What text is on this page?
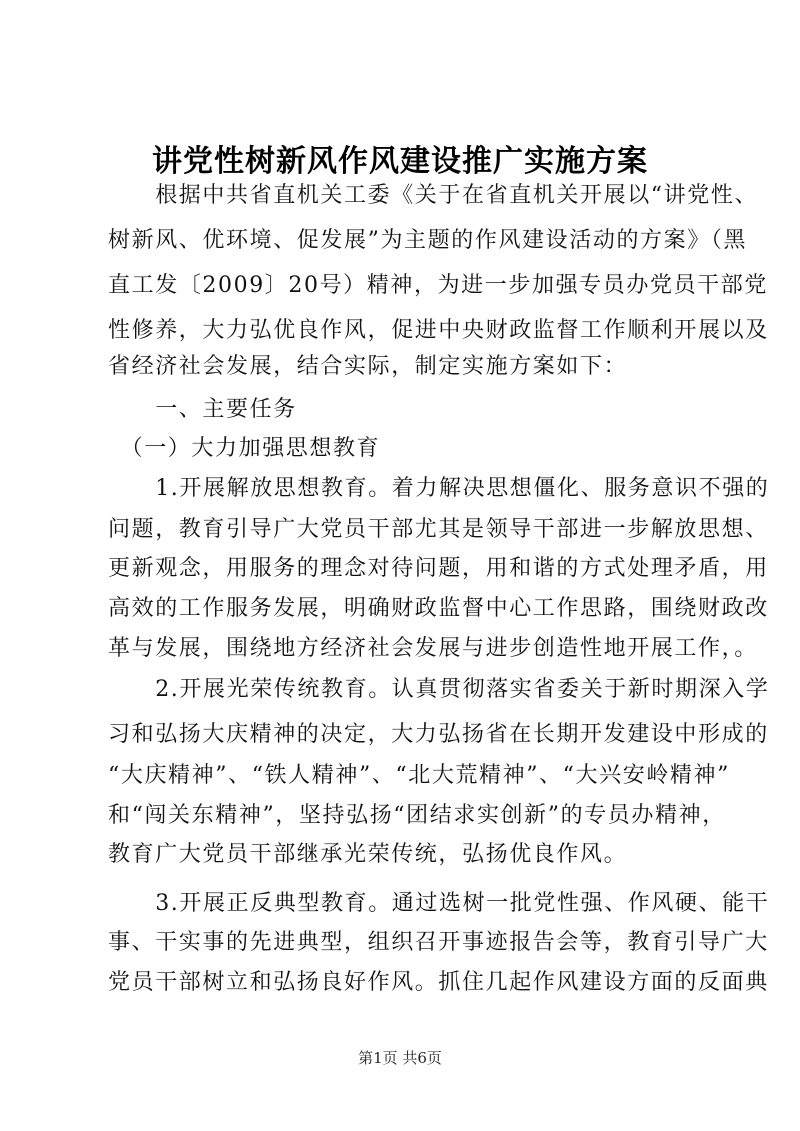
讲党性树新风作风建设推广实施方案
　　根据中共省直机关工委《关于在省直机关开展以“讲党性、
树新风、优环境、促发展”为主题的作风建设活动的方案》（黑
直工发〔2009〕20号）精神，为进一步加强专员办党员干部党
性修养，大力弘优良作风，促进中央财政监督工作顺利开展以及
省经济社会发展，结合实际，制定实施方案如下：
　　一、主要任务
　（一）大力加强思想教育
　　1.开展解放思想教育。着力解决思想僵化、服务意识不强的
问题，教育引导广大党员干部尤其是领导干部进一步解放思想、
更新观念，用服务的理念对待问题，用和谐的方式处理矛盾，用
高效的工作服务发展，明确财政监督中心工作思路，围绕财政改
革与发展，围绕地方经济社会发展与进步创造性地开展工作，。
　　2.开展光荣传统教育。认真贯彻落实省委关于新时期深入学
习和弘扬大庆精神的决定，大力弘扬省在长期开发建设中形成的
“大庆精神”、“铁人精神”、“北大荒精神”、“大兴安岭精神”
和“闯关东精神”，坚持弘扬“团结求实创新”的专员办精神，
教育广大党员干部继承光荣传统，弘扬优良作风。
　　3.开展正反典型教育。通过选树一批党性强、作风硬、能干
事、干实事的先进典型，组织召开事迹报告会等，教育引导广大
党员干部树立和弘扬良好作风。抓住几起作风建设方面的反面典
第1页 共6页
